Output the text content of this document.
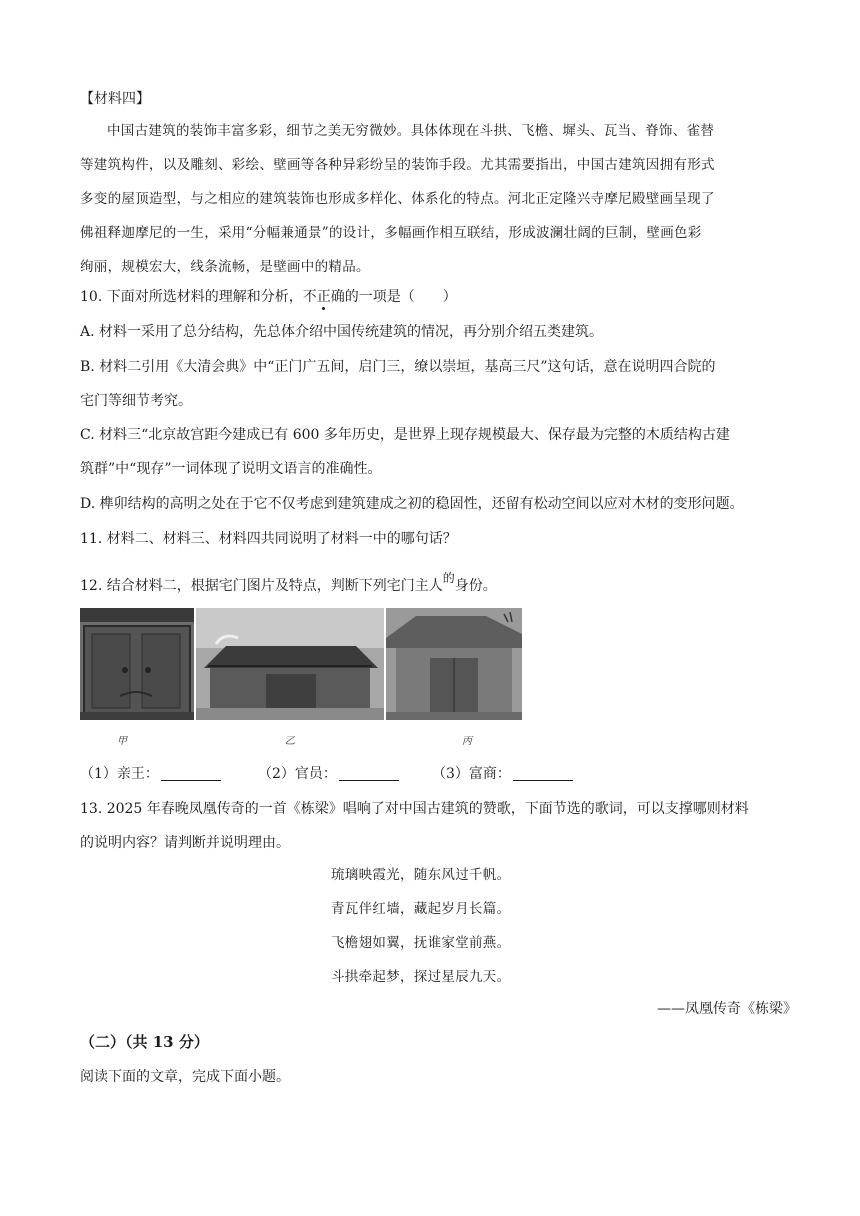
【材料四】
中国古建筑的装饰丰富多彩，细节之美无穷微妙。具体体现在斗拱、飞檐、墀头、瓦当、脊饰、雀替
等建筑构件，以及雕刻、彩绘、壁画等各种异彩纷呈的装饰手段。尤其需要指出，中国古建筑因拥有形式
多变的屋顶造型，与之相应的建筑装饰也形成多样化、体系化的特点。河北正定隆兴寺摩尼殿壁画呈现了
佛祖释迦摩尼的一生，采用“分幅兼通景”的设计，多幅画作相互联结，形成波澜壮阔的巨制，壁画色彩
绚丽，规模宏大，线条流畅，是壁画中的精品。
10. 下面对所选材料的理解和分析，不正确的一项是（　　）
A. 材料一采用了总分结构，先总体介绍中国传统建筑的情况，再分别介绍五类建筑。
B. 材料二引用《大清会典》中“正门广五间，启门三，缭以崇垣，基高三尺”这句话，意在说明四合院的
宅门等细节考究。
C. 材料三“北京故宫距今建成已有 600 多年历史，是世界上现存规模最大、保存最为完整的木质结构古建
筑群”中“现存”一词体现了说明文语言的准确性。
D. 榫卯结构的高明之处在于它不仅考虑到建筑建成之初的稳固性，还留有松动空间以应对木材的变形问题。
11. 材料二、材料三、材料四共同说明了材料一中的哪句话？
12. 结合材料二，根据宅门图片及特点，判断下列宅门主人的身份。
甲	乙	丙
（1）亲王：	（2）官员：	（3）富商：
13. 2025 年春晚凤凰传奇的一首《栋梁》唱响了对中国古建筑的赞歌，下面节选的歌词，可以支撑哪则材料
的说明内容？请判断并说明理由。
琉璃映霞光，随东风过千帆。
青瓦伴红墙，藏起岁月长篇。
飞檐翅如翼，抚谁家堂前燕。
斗拱牵起梦，探过星辰九天。
——凤凰传奇《栋梁》
（二）（共 13 分）
阅读下面的文章，完成下面小题。
